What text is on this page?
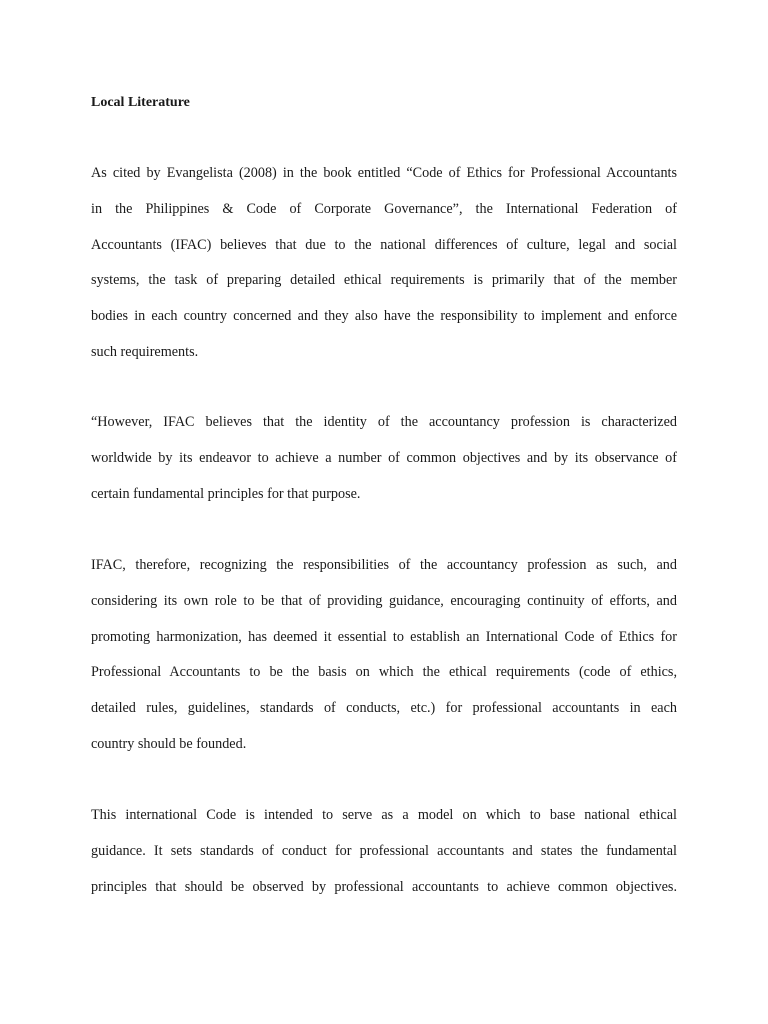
Local Literature
As cited by Evangelista (2008) in the book entitled “Code of Ethics for Professional Accountants
in the Philippines & Code of Corporate Governance”, the International Federation of
Accountants (IFAC) believes that due to the national differences of culture, legal and social
systems, the task of preparing detailed ethical requirements is primarily that of the member
bodies in each country concerned and they also have the responsibility to implement and enforce
such requirements.
“However, IFAC believes that the identity of the accountancy profession is characterized
worldwide by its endeavor to achieve a number of common objectives and by its observance of
certain fundamental principles for that purpose.
IFAC, therefore, recognizing the responsibilities of the accountancy profession as such, and
considering its own role to be that of providing guidance, encouraging continuity of efforts, and
promoting harmonization, has deemed it essential to establish an International Code of Ethics for
Professional Accountants to be the basis on which the ethical requirements (code of ethics,
detailed rules, guidelines, standards of conducts, etc.) for professional accountants in each
country should be founded.
This international Code is intended to serve as a model on which to base national ethical
guidance. It sets standards of conduct for professional accountants and states the fundamental
principles that should be observed by professional accountants to achieve common objectives.
